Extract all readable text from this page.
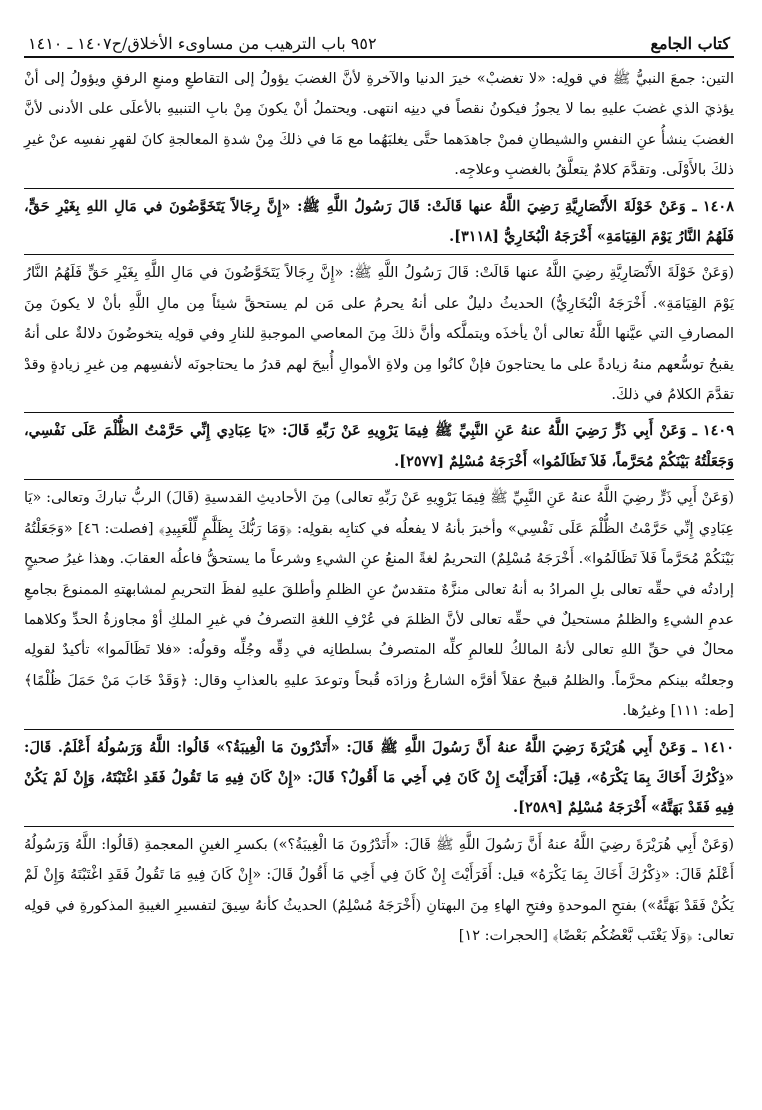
كتاب الجامع
٩٥٢ باب الترهيب من مساوىء الأخلاق/ح١٤٠٧ ـ ١٤١٠

التين: جمعَ النبيُّ ﷺ في قولِه: «لا تغضبْ» خيرَ الدنيا والآخرةِ لأنَّ الغضبَ يؤولُ إلى التقاطعِ ومنعِ الرفقِ ويؤولُ إلى أنْ يؤذيَ الذي غضبَ عليهِ بما لا يجوزُ فيكونُ نقصاً في دينِه انتهى. ويحتملُ أنْ يكونَ مِنْ بابِ التنبيهِ بالأعلَى على الأدنى لأنَّ الغضبَ ينشأُ عنِ النفسِ والشيطانِ فمنْ جاهدَهما حتَّى يغلبَهُما مع مَا في ذلكَ مِنْ شدةِ المعالجةِ كانَ لقهرِ نفسِه عنْ غيرِ ذلكَ بالأَوْلَى. وتقدَّمَ كلامٌ يتعلَّقُ بالغضبِ وعلاجِه.

١٤٠٨ ـ وَعَنْ خَوْلَةَ الأَنْصَارِيَّةِ رَضِيَ اللَّهُ عنها قَالَتْ: قَالَ رَسُولُ اللَّهِ ﷺ: «إِنَّ رِجَالاً يَتَخَوَّضُونَ في مَالِ اللهِ بِغَيْرِ حَقٍّ، فَلَهُمُ النَّارُ يَوْمَ القِيَامَةِ» أَخْرَجَهُ الْبُخَارِيُّ [٣١١٨].

(وَعَنْ خَوْلَةَ الأَنْصَارِيَّةِ رضِيَ اللَّهُ عنها قَالَتْ: قَالَ رَسُولُ اللَّهِ ﷺ: «إِنَّ رِجَالاً يَتَخَوَّضُونَ في مَالِ اللَّهِ بِغَيْرِ حَقٍّ فَلَهُمُ النَّارُ يَوْمَ القِيَامَةِ». أَخْرَجَهُ الْبُخَارِيُّ) الحديثُ دليلٌ على أنهُ يحرمُ على مَن لم يستحقَّ شيئاً مِن مالِ اللَّهِ بأنْ لا يكونَ مِنَ المصارفِ التي عيَّنها اللَّهُ تعالى أنْ يأخذَه ويتملَّكه وأنَّ ذلكَ مِنَ المعاصي الموجبةِ للنارِ وفي قولِه يتخوضُونَ دلالةٌ على أنهُ يقبحُ توسُّعهم منهُ زيادةً على ما يحتاجونَ فإنْ كانُوا مِن ولاةِ الأموالِ أُبيحَ لهم قدرُ ما يحتاجونَه لأنفسِهم مِن غيرِ زيادةٍ وقدْ تقدَّمَ الكلامُ في ذلكَ.

١٤٠٩ ـ وَعَنْ أَبِي ذَرٍّ رَضِيَ اللَّهُ عنهُ عَنِ النَّبِيِّ ﷺ فِيمَا يَرْوِيهِ عَنْ رَبِّهِ قَالَ: «يَا عِبَادِي إِنِّي حَرَّمْتُ الظُّلْمَ عَلَى نَفْسِي، وَجَعَلْتُهُ بَيْنَكُمْ مُحَرَّماً، فَلاَ تَظَالَمُوا» أَخْرَجَهُ مُسْلِمٌ [٢٥٧٧].

(وَعَنْ أَبِي ذَرٍّ رضِيَ اللَّهُ عنهُ عَنِ النَّبِيِّ ﷺ فِيمَا يَرْوِيهِ عَنْ رَبِّهِ تعالى) مِنَ الأحاديثِ القدسيةِ (قَالَ) الربُّ تباركَ وتعالى: «يَا عِبَادِي إِنِّي حَرَّمْتُ الظُّلْمَ عَلَى نَفْسِي» وأخبرَ بأنهُ لا يفعلُه في كتابِه بقولِه: ﴿وَمَا رَبُّكَ بِظَلَّٰمٍ لِّلْعَبِيدِ﴾ [فصلت: ٤٦] «وَجَعَلْتُهُ بَيْنَكُمْ مُحَرَّماً فَلاَ تَظَالَمُوا». أَخْرَجَهُ مُسْلِمٌ) التحريمُ لغةً المنعُ عنِ الشيءِ وشرعاً ما يستحقُّ فاعلُه العقابَ. وهذا غيرُ صحيحٍ إرادتُه في حقِّه تعالى بلِ المرادُ به أنهُ تعالى منزَّهٌ متقدسٌ عنِ الظلمِ وأطلقَ عليهِ لفظَ التحريمِ لمشابهتهِ الممنوعَ بجامعِ عدمِ الشيءِ والظلمُ مستحيلٌ في حقِّه تعالى لأنَّ الظلمَ في عُرْفِ اللغةِ التصرفُ في غيرِ الملكِ أوْ مجاوزةُ الحدِّ وكلاهما محالٌ في حقِّ اللهِ تعالى لأنهُ المالكُ للعالمِ كلِّه المتصرفُ بسلطانِه في دِقِّه وجُلِّه وقولُه: «فلا تَظَالَموا» تأكيدٌ لقولِه وجعلتُه بينكم محرَّماً. والظلمُ قبيحٌ عقلاً أقرَّه الشارعُ وزادَه قُبحاً وتوعدَ عليهِ بالعذابِ وقال: ﴿وَقَدْ خَابَ مَنْ حَمَلَ ظُلْمًا﴾ [طه: ١١١] وغيرُها.

١٤١٠ ـ وَعَنْ أَبِي هُرَيْرَةَ رَضِيَ اللَّهُ عنهُ أَنَّ رَسُولَ اللَّهِ ﷺ قَالَ: «أَتَدْرُونَ مَا الْغِيبَةُ؟» قَالُوا: اللَّهُ وَرَسُولُهُ أَعْلَمُ. قَالَ: «ذِكْرُكَ أَخَاكَ بِمَا يَكْرَهُ»، قِيلَ: أَفَرَأَيْتَ إِنْ كَانَ فِي أَخِي مَا أَقُولُ؟ قَالَ: «إِنْ كَانَ فِيهِ مَا تَقُولُ فَقَدِ اغْتَبْتَهُ، وَإِنْ لَمْ يَكُنْ فِيهِ فَقَدْ بَهَتَّهُ» أَخْرَجَهُ مُسْلِمٌ [٢٥٨٩].

(وَعَنْ أَبِي هُرَيْرَةَ رضِيَ اللَّهُ عنهُ أَنَّ رَسُولَ اللَّهِ ﷺ قَالَ: «أَتَدْرُونَ مَا الْغِيبَةُ؟») بكسرِ الغينِ المعجمةِ (قَالُوا: اللَّهُ وَرَسُولُهُ أَعْلَمُ قَالَ: «ذِكْرُكَ أَخَاكَ بِمَا يَكْرَهُ» قيل: أَفَرَأَيْتَ إِنْ كَانَ فِي أَخِي مَا أَقُولُ قَالَ: «إِنْ كَانَ فِيهِ مَا تَقُولُ فَقَدِ اغْتَبْتَهُ وَإِنْ لَمْ يَكُنْ فَقَدْ بَهَتَّهُ») بفتحِ الموحدةِ وفتحِ الهاءِ مِنَ البهتانِ (أَخْرَجَهُ مُسْلِمٌ) الحديثُ كأنهُ سِيقَ لتفسيرِ الغيبةِ المذكورةِ في قولِه تعالى: ﴿وَلَا يَغْتَب بَّعْضُكُم بَعْضًا﴾ [الحجرات: ١٢]
